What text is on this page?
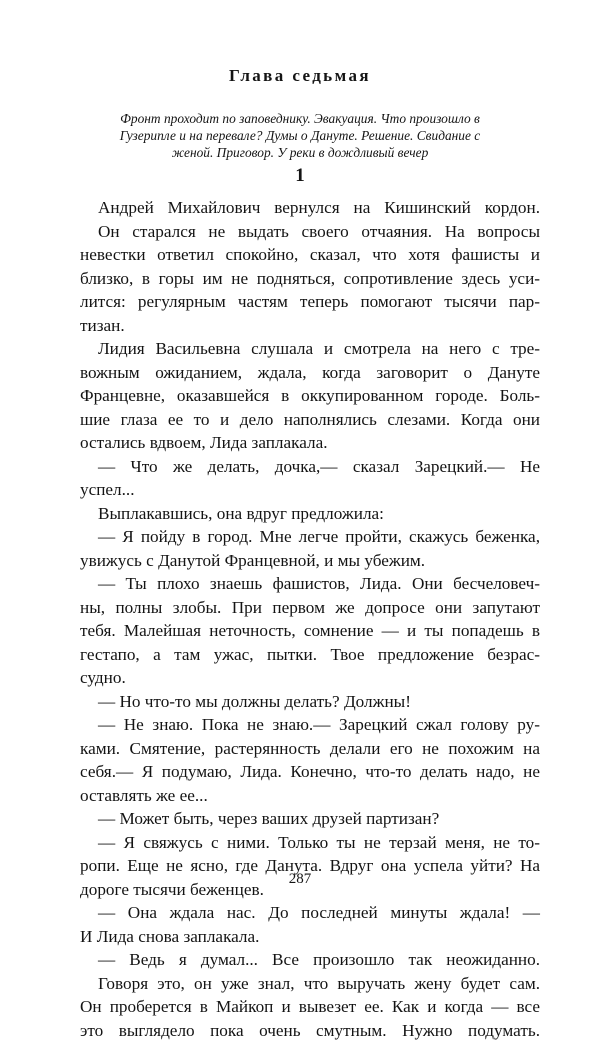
Глава седьмая
Фронт проходит по заповеднику. Эвакуация. Что произошло в
Гузерипле и на перевале? Думы о Дануте. Решение. Свидание с
женой. Приговор. У реки в дождливый вечер
1
Андрей Михайлович вернулся на Кишинский кордон.
Он старался не выдать своего отчаяния. На вопросы
невестки ответил спокойно, сказал, что хотя фашисты и
близко, в горы им не подняться, сопротивление здесь уси-
лится: регулярным частям теперь помогают тысячи пар-
тизан.
Лидия Васильевна слушала и смотрела на него с тре-
вожным ожиданием, ждала, когда заговорит о Дануте
Францевне, оказавшейся в оккупированном городе. Боль-
шие глаза ее то и дело наполнялись слезами. Когда они
остались вдвоем, Лида заплакала.
— Что же делать, дочка,— сказал Зарецкий.— Не
успел...
Выплакавшись, она вдруг предложила:
— Я пойду в город. Мне легче пройти, скажусь беженка,
увижусь с Данутой Францевной, и мы убежим.
— Ты плохо знаешь фашистов, Лида. Они бесчеловеч-
ны, полны злобы. При первом же допросе они запутают
тебя. Малейшая неточность, сомнение — и ты попадешь в
гестапо, а там ужас, пытки. Твое предложение безрас-
судно.
— Но что-то мы должны делать? Должны!
— Не знаю. Пока не знаю.— Зарецкий сжал голову ру-
ками. Смятение, растерянность делали его не похожим на
себя.— Я подумаю, Лида. Конечно, что-то делать надо, не
оставлять же ее...
— Может быть, через ваших друзей партизан?
— Я свяжусь с ними. Только ты не терзай меня, не то-
ропи. Еще не ясно, где Данута. Вдруг она успела уйти? На
дороге тысячи беженцев.
— Она ждала нас. До последней минуты ждала! —
И Лида снова заплакала.
— Ведь я думал... Все произошло так неожиданно.
Говоря это, он уже знал, что выручать жену будет сам.
Он проберется в Майкоп и вывезет ее. Как и когда — все
это выглядело пока очень смутным. Нужно подумать.
287
